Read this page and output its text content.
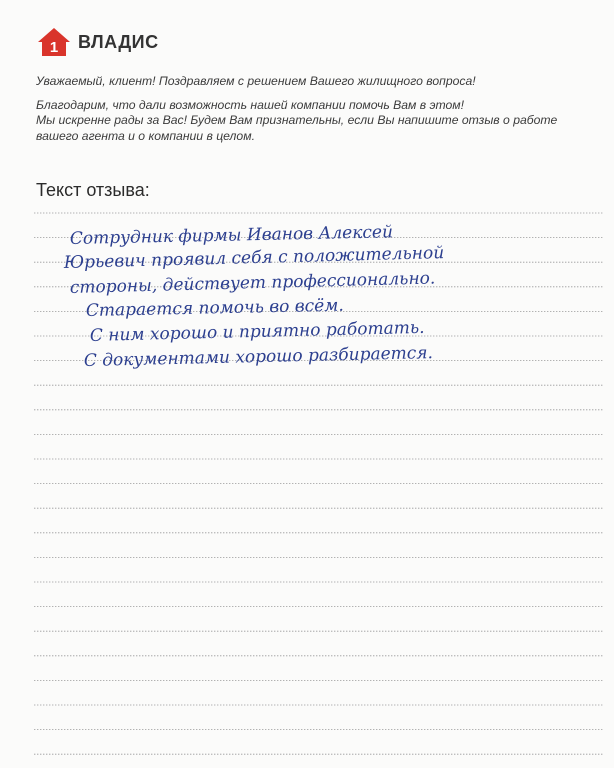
1 ВЛАДИС

Уважаемый, клиент! Поздравляем с решением Вашего жилищного вопроса!

Благодарим, что дали возможность нашей компании помочь Вам в этом!
Мы искренне рады за Вас! Будем Вам признательны, если Вы напишите отзыв о работе
вашего агента и о компании в целом.

Текст отзыва:
Сотрудник фирмы Иванов Алексей
Юрьевич проявил себя с положительной
стороны, действует профессионально.
Старается помочь во всём.
С ним хорошо и приятно работать.
С документами хорошо разбирается.
